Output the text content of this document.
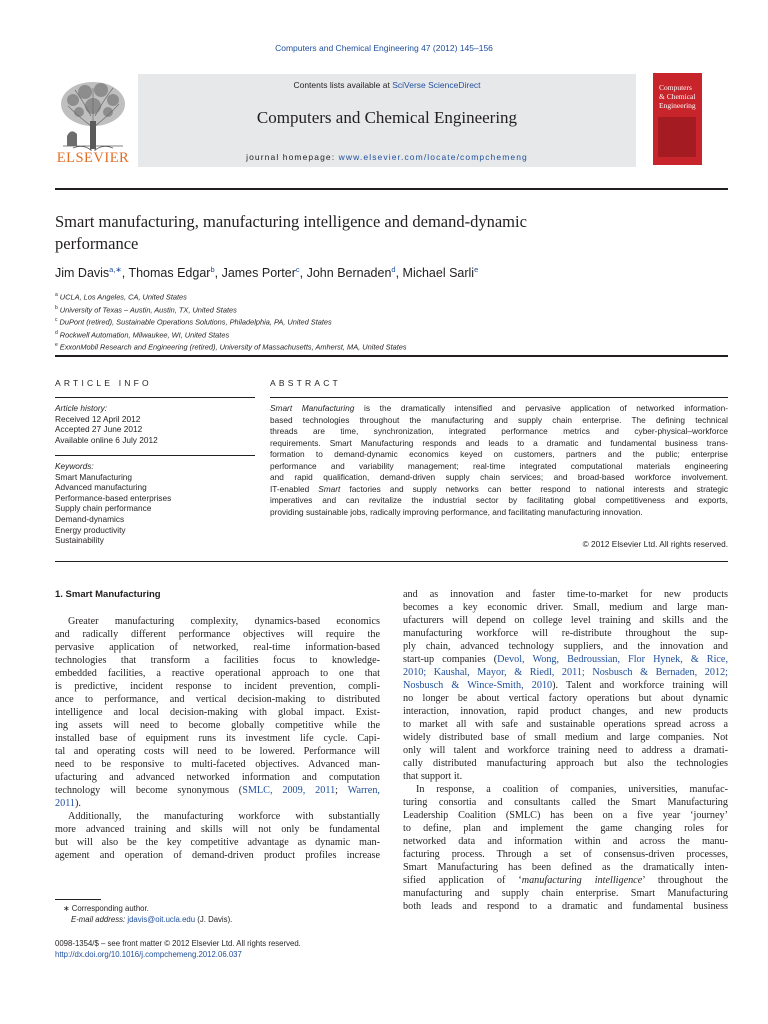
Computers and Chemical Engineering 47 (2012) 145–156
ELSEVIER
Contents lists available at SciVerse ScienceDirect
Computers and Chemical Engineering
journal homepage: www.elsevier.com/locate/compchemeng
Computers
& Chemical
Engineering
Smart manufacturing, manufacturing intelligence and demand-dynamic
performance
Jim Davis$^{a,∗}$, Thomas Edgar$^b$, James Porter$^c$, John Bernaden$^d$, Michael Sarli$^e$
$^a$ UCLA, Los Angeles, CA, United States
$^b$ University of Texas – Austin, Austin, TX, United States
$^c$ DuPont (retired), Sustainable Operations Solutions, Philadelphia, PA, United States
$^d$ Rockwell Automation, Milwaukee, WI, United States
$^e$ ExxonMobil Research and Engineering (retired), University of Massachusetts, Amherst, MA, United States
ARTICLE INFO	ABSTRACT
Article history:
Received 12 April 2012
Accepted 27 June 2012
Available online 6 July 2012
Keywords:
Smart Manufacturing
Advanced manufacturing
Performance-based enterprises
Supply chain performance
Demand-dynamics
Energy productivity
Sustainability
Smart Manufacturing is the dramatically intensified and pervasive application of networked information-
based technologies throughout the manufacturing and supply chain enterprise. The defining technical
threads are time, synchronization, integrated performance metrics and cyber-physical–workforce
requirements. Smart Manufacturing responds and leads to a dramatic and fundamental business trans-
formation to demand-dynamic economics keyed on customers, partners and the public; enterprise
performance and variability management; real-time integrated computational materials engineering
and rapid qualification, demand-driven supply chain services; and broad-based workforce involvement.
IT-enabled Smart factories and supply networks can better respond to national interests and strategic
imperatives and can revitalize the industrial sector by facilitating global competitiveness and exports,
providing sustainable jobs, radically improving performance, and facilitating manufacturing innovation.
© 2012 Elsevier Ltd. All rights reserved.
1. Smart Manufacturing
Greater manufacturing complexity, dynamics-based economics
and radically different performance objectives will require the
pervasive application of networked, real-time information-based
technologies that transform a facilities focus to knowledge-
embedded facilities, a reactive operational approach to one that
is predictive, incident response to incident prevention, compli-
ance to performance, and vertical decision-making to distributed
intelligence and local decision-making with global impact. Exist-
ing assets will need to become globally competitive while the
installed base of equipment runs its investment life cycle. Capi-
tal and operating costs will need to be lowered. Performance will
need to be responsive to multi-faceted objectives. Advanced man-
ufacturing and advanced networked information and computation
technology will become synonymous (SMLC, 2009, 2011; Warren,
2011).
Additionally, the manufacturing workforce with substantially
more advanced training and skills will not only be fundamental
but will also be the key competitive advantage as dynamic man-
agement and operation of demand-driven product profiles increase
and as innovation and faster time-to-market for new products
becomes a key economic driver. Small, medium and large man-
ufacturers will depend on college level training and skills and the
manufacturing workforce will re-distribute throughout the sup-
ply chain, advanced technology suppliers, and the innovation and
start-up companies (Devol, Wong, Bedroussian, Flor Hynek, & Rice,
2010; Kaushal, Mayor, & Riedl, 2011; Nosbusch & Bernaden, 2012;
Nosbusch & Wince-Smith, 2010). Talent and workforce training will
no longer be about vertical factory operations but about dynamic
interaction, innovation, rapid product changes, and new products
to market all with safe and sustainable operations spread across a
widely distributed base of small medium and large companies. Not
only will talent and workforce training need to address a dramati-
cally distributed manufacturing approach but also the technologies
that support it.
In response, a coalition of companies, universities, manufac-
turing consortia and consultants called the Smart Manufacturing
Leadership Coalition (SMLC) has been on a five year ‘journey’
to define, plan and implement the game changing roles for
networked data and information within and across the manu-
facturing process. Through a set of consensus-driven processes,
Smart Manufacturing has been defined as the dramatically inten-
sified application of ‘manufacturing intelligence’ throughout the
manufacturing and supply chain enterprise. Smart Manufacturing
both leads and respond to a dramatic and fundamental business
∗ Corresponding author.
E-mail address: jdavis@oit.ucla.edu (J. Davis).
0098-1354/$ – see front matter © 2012 Elsevier Ltd. All rights reserved.
http://dx.doi.org/10.1016/j.compchemeng.2012.06.037
